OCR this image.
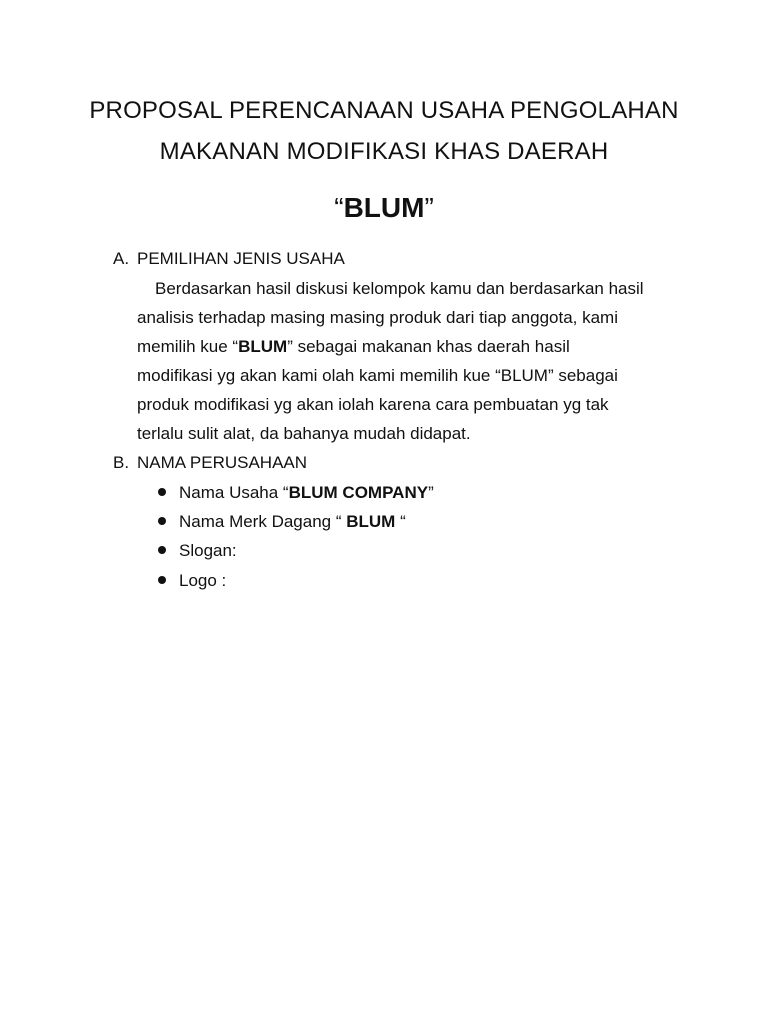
PROPOSAL PERENCANAAN USAHA PENGOLAHAN
MAKANAN MODIFIKASI KHAS DAERAH
“BLUM”
A. PEMILIHAN JENIS USAHA
Berdasarkan hasil diskusi kelompok kamu dan berdasarkan hasil
analisis terhadap masing masing produk dari tiap anggota, kami
memilih kue “BLUM” sebagai makanan khas daerah hasil
modifikasi yg akan kami olah kami memilih kue “BLUM” sebagai
produk modifikasi yg akan iolah karena cara pembuatan yg tak
terlalu sulit alat, da bahanya mudah didapat.
B. NAMA PERUSAHAAN
Nama Usaha “BLUM COMPANY”
Nama Merk Dagang “ BLUM “
Slogan:
Logo :
